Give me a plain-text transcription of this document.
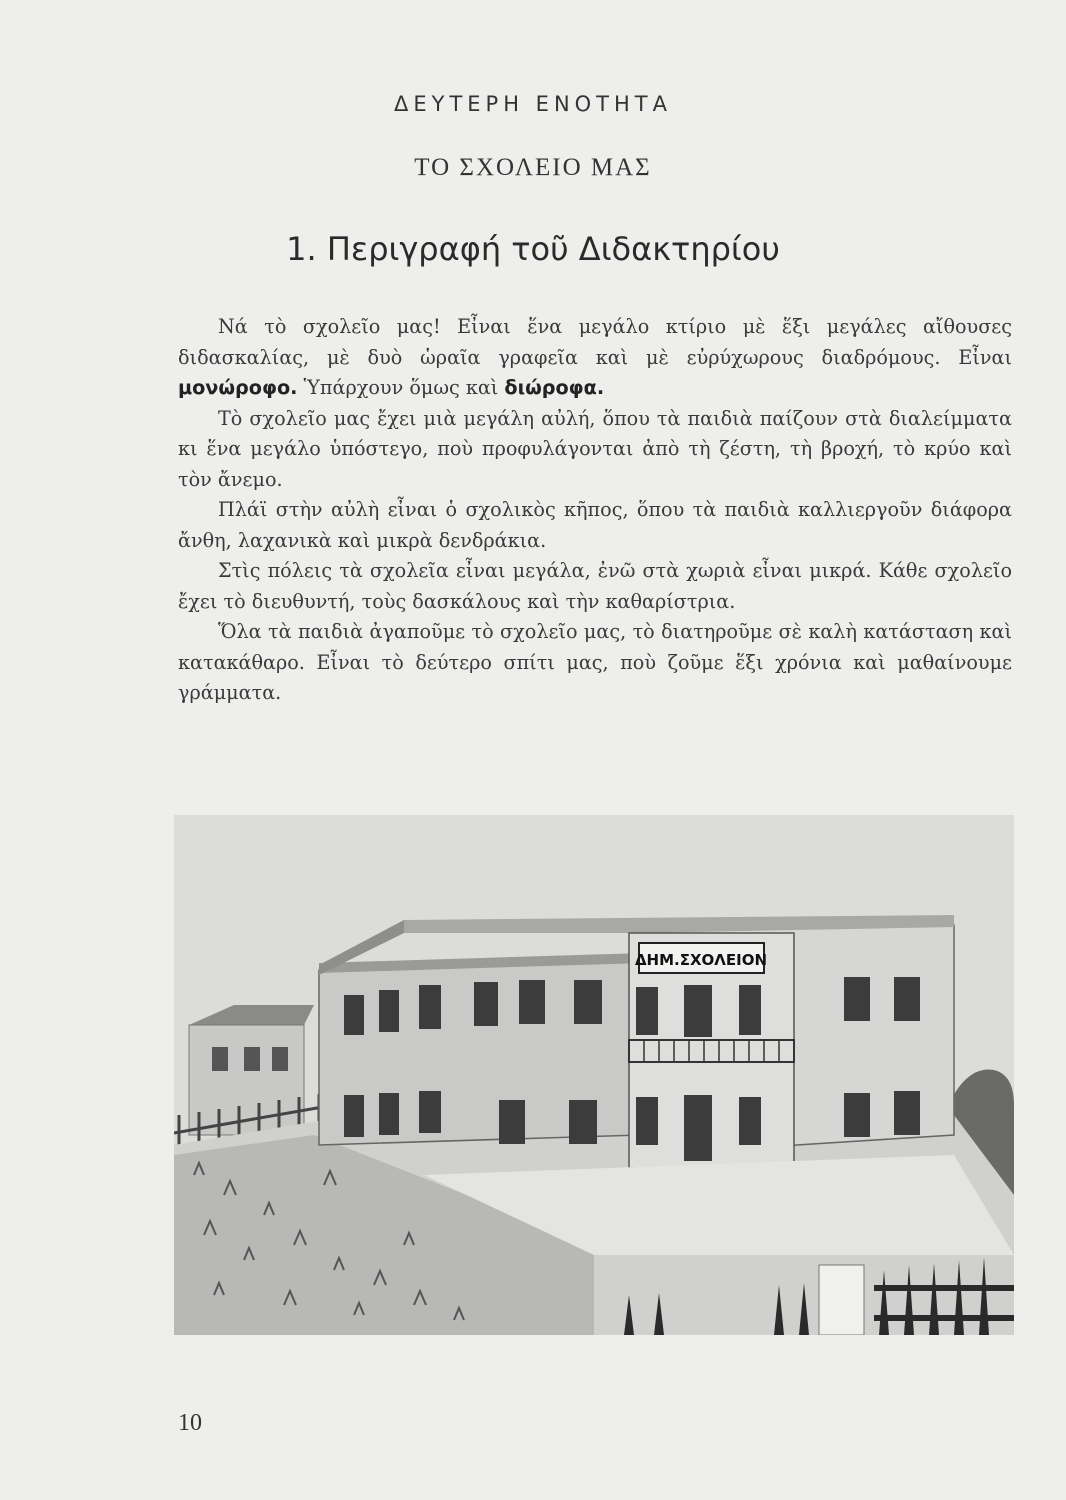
ΔΕΥΤΕΡΗ ΕΝΟΤΗΤΑ
ΤΟ ΣΧΟΛΕΙΟ ΜΑΣ
1. Περιγραφή τοῦ Διδακτηρίου

Νά τὸ σχολεῖο μας! Εἶναι ἕνα μεγάλο κτίριο μὲ ἕξι μεγάλες αἴθουσες διδασκαλίας, μὲ δυὸ ὡραῖα γραφεῖα καὶ μὲ εὐρύχωρους διαδρόμους. Εἶναι μονώροφο. Ὑπάρχουν ὅμως καὶ διώροφα.

Τὸ σχολεῖο μας ἔχει μιὰ μεγάλη αὐλή, ὅπου τὰ παιδιὰ παίζουν στὰ διαλείμματα κι ἕνα μεγάλο ὑπόστεγο, ποὺ προφυλάγονται ἀπὸ τὴ ζέστη, τὴ βροχή, τὸ κρύο καὶ τὸν ἄνεμο.

Πλάϊ στὴν αὐλὴ εἶναι ὁ σχολικὸς κῆπος, ὅπου τὰ παιδιὰ καλλιεργοῦν διάφορα ἄνθη, λαχανικὰ καὶ μικρὰ δενδράκια.

Στὶς πόλεις τὰ σχολεῖα εἶναι μεγάλα, ἐνῶ στὰ χωριὰ εἶναι μικρά. Κάθε σχολεῖο ἔχει τὸ διευθυντή, τοὺς δασκάλους καὶ τὴν καθαρίστρια.

Ὅλα τὰ παιδιὰ ἀγαποῦμε τὸ σχολεῖο μας, τὸ διατηροῦμε σὲ καλὴ κατάσταση καὶ κατακάθαρο. Εἶναι τὸ δεύτερο σπίτι μας, ποὺ ζοῦμε ἕξι χρόνια καὶ μαθαίνουμε γράμματα.

ΔΗΜ.ΣΧΟΛΕΙΟΝ
10
